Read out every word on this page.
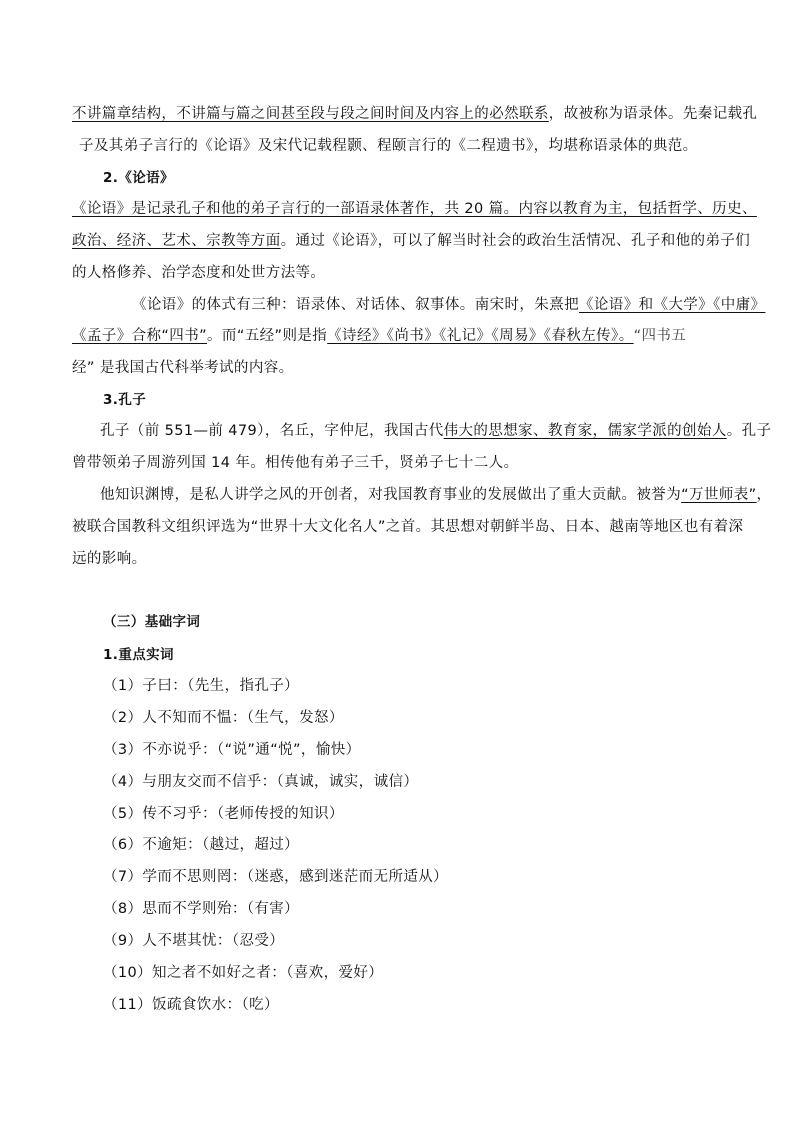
不讲篇章结构，不讲篇与篇之间甚至段与段之间时间及内容上的必然联系，故被称为语录体。先秦记载孔
子及其弟子言行的《论语》及宋代记载程颢、程颐言行的《二程遗书》，均堪称语录体的典范。
2.《论语》
《论语》是记录孔子和他的弟子言行的一部语录体著作，共 20 篇。内容以教育为主，包括哲学、历史、
政治、经济、艺术、宗教等方面。通过《论语》，可以了解当时社会的政治生活情况、孔子和他的弟子们
的人格修养、治学态度和处世方法等。
《论语》的体式有三种：语录体、对话体、叙事体。南宋时，朱熹把《论语》和《大学》《中庸》
《孟子》合称“四书”。而“五经”则是指《诗经》《尚书》《礼记》《周易》《春秋左传》。“四书五
经” 是我国古代科举考试的内容。
3.孔子
孔子（前 551—前 479），名丘，字仲尼，我国古代伟大的思想家、教育家，儒家学派的创始人。孔子
曾带领弟子周游列国 14 年。相传他有弟子三千，贤弟子七十二人。
他知识渊博，是私人讲学之风的开创者，对我国教育事业的发展做出了重大贡献。被誉为“万世师表”，
被联合国教科文组织评选为“世界十大文化名人”之首。其思想对朝鲜半岛、日本、越南等地区也有着深
远的影响。
（三）基础字词
1.重点实词
（1）子曰：（先生，指孔子）
（2）人不知而不愠：（生气，发怒）
（3）不亦说乎：（“说”通“悦”，愉快）
（4）与朋友交而不信乎：（真诚，诚实，诚信）
（5）传不习乎：（老师传授的知识）
（6）不逾矩：（越过，超过）
（7）学而不思则罔：（迷惑，感到迷茫而无所适从）
（8）思而不学则殆：（有害）
（9）人不堪其忧：（忍受）
（10）知之者不如好之者：（喜欢，爱好）
（11）饭疏食饮水：（吃）
